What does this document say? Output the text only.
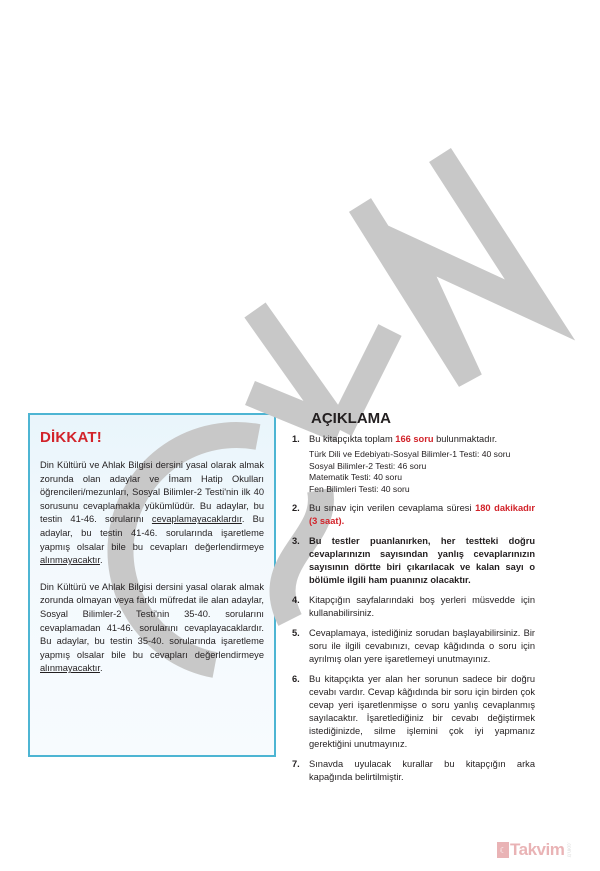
DİKKAT!

Din Kültürü ve Ahlak Bilgisi dersini yasal olarak almak zorunda olan adaylar ve İmam Hatip Okulları öğrencileri/mezunları, Sosyal Bilimler-2 Testi'nin ilk 40 sorusunu cevaplamakla yükümlüdür. Bu adaylar, bu testin 41-46. sorularını cevaplamayacaklardır. Bu adaylar, bu testin 41-46. sorularında işaretleme yapmış olsalar bile bu cevapları değerlendirmeye alınmayacaktır.

Din Kültürü ve Ahlak Bilgisi dersini yasal olarak almak zorunda olmayan veya farklı müfredat ile alan adaylar, Sosyal Bilimler-2 Testi'nin 35-40. sorularını cevaplamadan 41-46. sorularını cevaplayacaklardır. Bu adaylar, bu testin 35-40. sorularında işaretleme yapmış olsalar bile bu cevapları değerlendirmeye alınmayacaktır.

AÇIKLAMA
1. Bu kitapçıkta toplam 166 soru bulunmaktadır.
Türk Dili ve Edebiyatı-Sosyal Bilimler-1 Testi: 40 soru
Sosyal Bilimler-2 Testi: 46 soru
Matematik Testi: 40 soru
Fen Bilimleri Testi: 40 soru
2. Bu sınav için verilen cevaplama süresi 180 dakikadır (3 saat).
3. Bu testler puanlanırken, her testteki doğru cevaplarınızın sayısından yanlış cevaplarınızın sayısının dörtte biri çıkarılacak ve kalan sayı o bölümle ilgili ham puanınız olacaktır.
4. Kitapçığın sayfalarındaki boş yerleri müsvedde için kullanabilirsiniz.
5. Cevaplamaya, istediğiniz sorudan başlayabilirsiniz. Bir soru ile ilgili cevabınızı, cevap kâğıdında o soru için ayrılmış olan yere işaretlemeyi unutmayınız.
6. Bu kitapçıkta yer alan her sorunun sadece bir doğru cevabı vardır. Cevap kâğıdında bir soru için birden çok cevap yeri işaretlenmişse o soru yanlış cevaplanmış sayılacaktır. İşaretlediğiniz bir cevabı değiştirmek istediğinizde, silme işlemini çok iyi yapmanız gerektiğini unutmayınız.
7. Sınavda uyulacak kurallar bu kitapçığın arka kapağında belirtilmiştir.
☾ Takvim .com.tr
